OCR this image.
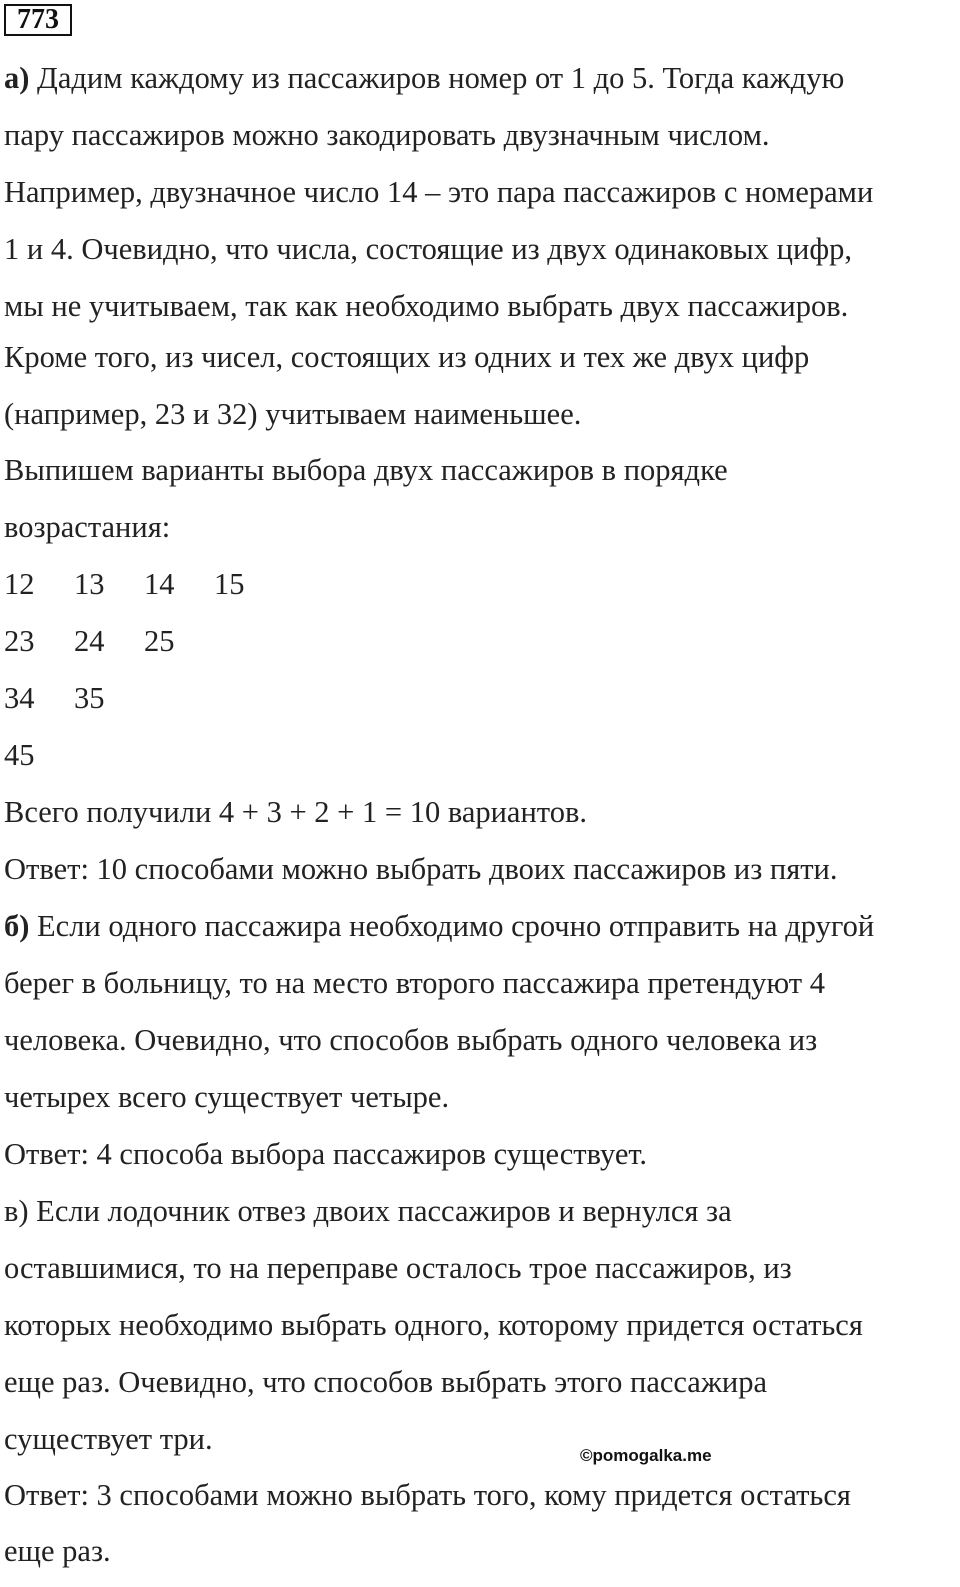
773
а) Дадим каждому из пассажиров номер от 1 до 5. Тогда каждую
пару пассажиров можно закодировать двузначным числом.
Например, двузначное число 14 – это пара пассажиров с номерами
1 и 4. Очевидно, что числа, состоящие из двух одинаковых цифр,
мы не учитываем, так как необходимо выбрать двух пассажиров.
Кроме того, из чисел, состоящих из одних и тех же двух цифр
(например, 23 и 32) учитываем наименьшее.
Выпишем варианты выбора двух пассажиров в порядке
возрастания:
12 13 14 15
23 24 25
34 35
45
Всего получили 4 + 3 + 2 + 1 = 10 вариантов.
Ответ: 10 способами можно выбрать двоих пассажиров из пяти.
б) Если одного пассажира необходимо срочно отправить на другой
берег в больницу, то на место второго пассажира претендуют 4
человека. Очевидно, что способов выбрать одного человека из
четырех всего существует четыре.
Ответ: 4 способа выбора пассажиров существует.
в) Если лодочник отвез двоих пассажиров и вернулся за
оставшимися, то на переправе осталось трое пассажиров, из
которых необходимо выбрать одного, которому придется остаться
еще раз. Очевидно, что способов выбрать этого пассажира
существует три.	©pomogalka.me
Ответ: 3 способами можно выбрать того, кому придется остаться
еще раз.
